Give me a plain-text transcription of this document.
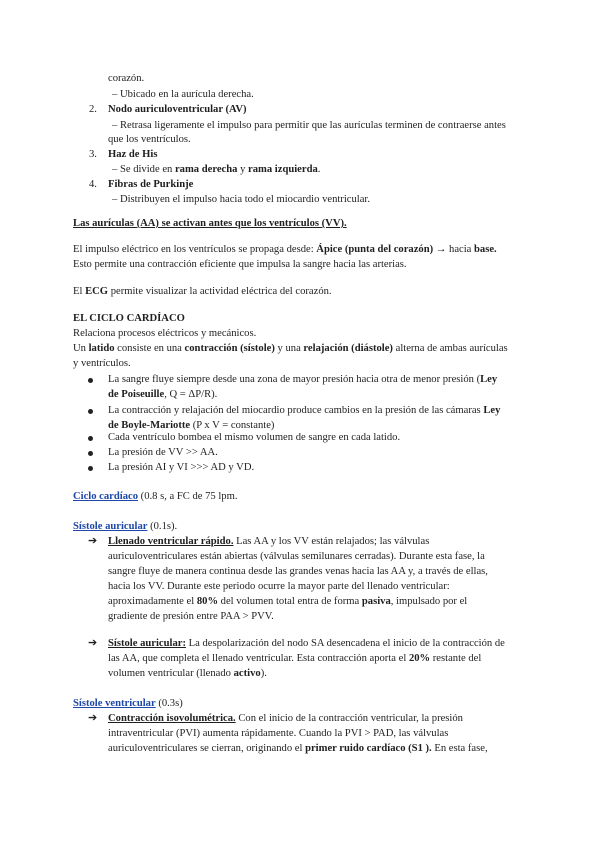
corazón.
– Ubicado en la aurícula derecha.
2. Nodo auriculoventricular (AV)
– Retrasa ligeramente el impulso para permitir que las aurículas terminen de contraerse antes
que los ventrículos.
3. Haz de His
– Se divide en rama derecha y rama izquierda.
4. Fibras de Purkinje
– Distribuyen el impulso hacia todo el miocardio ventricular.
Las aurículas (AA) se activan antes que los ventrículos (VV).
El impulso eléctrico en los ventrículos se propaga desde: Ápice (punta del corazón) → hacia base.
Esto permite una contracción eficiente que impulsa la sangre hacia las arterias.
El ECG permite visualizar la actividad eléctrica del corazón.
EL CICLO CARDÍACO
Relaciona procesos eléctricos y mecánicos.
Un latido consiste en una contracción (sístole) y una relajación (diástole) alterna de ambas aurículas
y ventrículos.
La sangre fluye siempre desde una zona de mayor presión hacia otra de menor presión (Ley
de Poiseuille, Q = ΔP/R).
La contracción y relajación del miocardio produce cambios en la presión de las cámaras Ley
de Boyle-Mariotte (P x V = constante)
Cada ventrículo bombea el mismo volumen de sangre en cada latido.
La presión de VV >> AA.
La presión AI y VI >>> AD y VD.
Ciclo cardíaco (0.8 s, a FC de 75 lpm.
Sístole auricular (0.1s).
➔ Llenado ventricular rápido. Las AA y los VV están relajados; las válvulas
auriculoventriculares están abiertas (válvulas semilunares cerradas). Durante esta fase, la
sangre fluye de manera continua desde las grandes venas hacia las AA y, a través de ellas,
hacia los VV. Durante este periodo ocurre la mayor parte del llenado ventricular:
aproximadamente el 80% del volumen total entra de forma pasiva, impulsado por el
gradiente de presión entre PAA > PVV.
➔ Sístole auricular: La despolarización del nodo SA desencadena el inicio de la contracción de
las AA, que completa el llenado ventricular. Esta contracción aporta el 20% restante del
volumen ventricular (llenado activo).
Sístole ventricular (0.3s)
➔ Contracción isovolumétrica. Con el inicio de la contracción ventricular, la presión
intraventricular (PVI) aumenta rápidamente. Cuando la PVI > PAD, las válvulas
auriculoventriculares se cierran, originando el primer ruido cardíaco (S1 ). En esta fase,
